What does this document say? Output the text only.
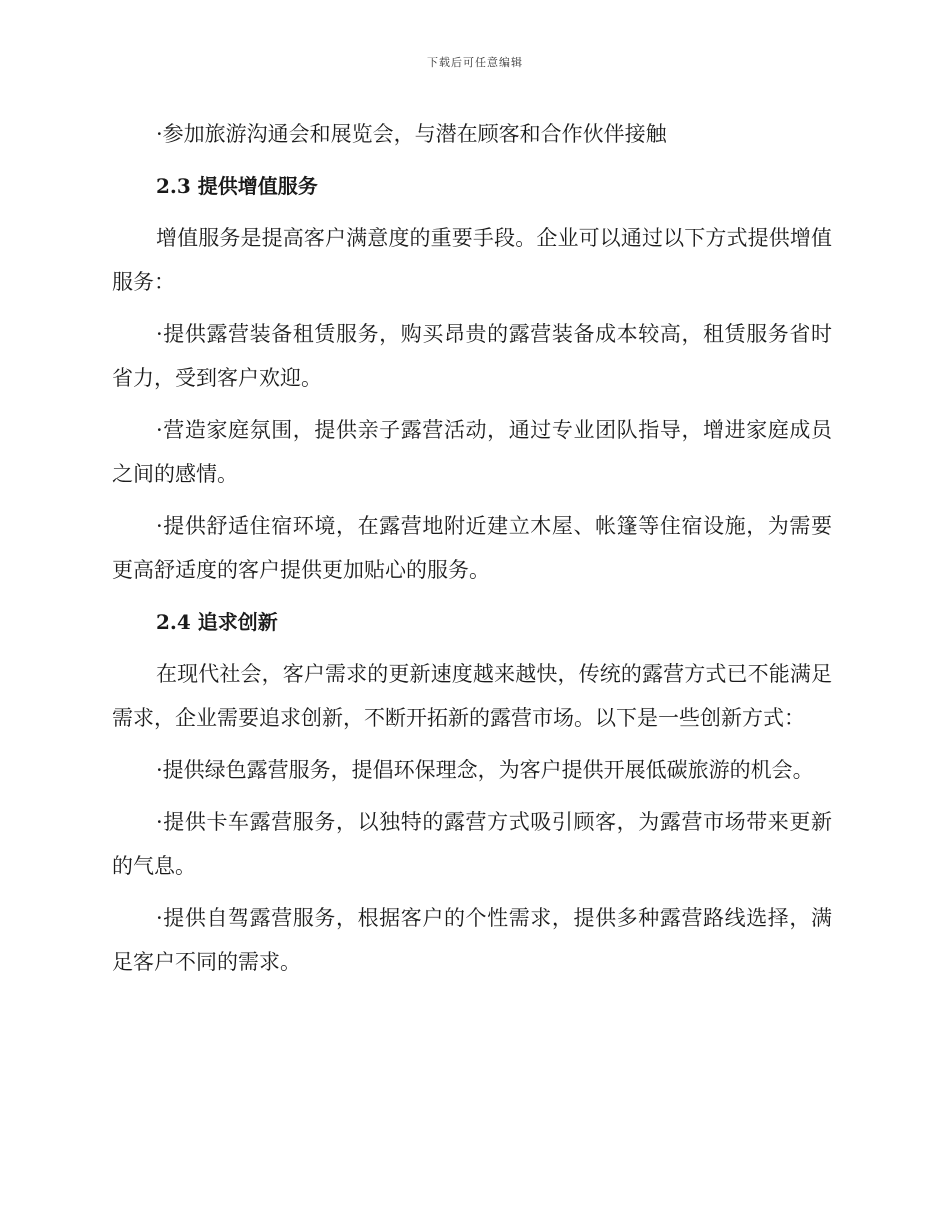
下载后可任意编辑

·参加旅游沟通会和展览会，与潜在顾客和合作伙伴接触

2.3 提供增值服务

增值服务是提高客户满意度的重要手段。企业可以通过以下方式提供增值服务：

·提供露营装备租赁服务，购买昂贵的露营装备成本较高，租赁服务省时省力，受到客户欢迎。

·营造家庭氛围，提供亲子露营活动，通过专业团队指导，增进家庭成员之间的感情。

·提供舒适住宿环境，在露营地附近建立木屋、帐篷等住宿设施，为需要更高舒适度的客户提供更加贴心的服务。

2.4 追求创新

在现代社会，客户需求的更新速度越来越快，传统的露营方式已不能满足需求，企业需要追求创新，不断开拓新的露营市场。以下是一些创新方式：

·提供绿色露营服务，提倡环保理念，为客户提供开展低碳旅游的机会。

·提供卡车露营服务，以独特的露营方式吸引顾客，为露营市场带来更新的气息。

·提供自驾露营服务，根据客户的个性需求，提供多种露营路线选择，满足客户不同的需求。
